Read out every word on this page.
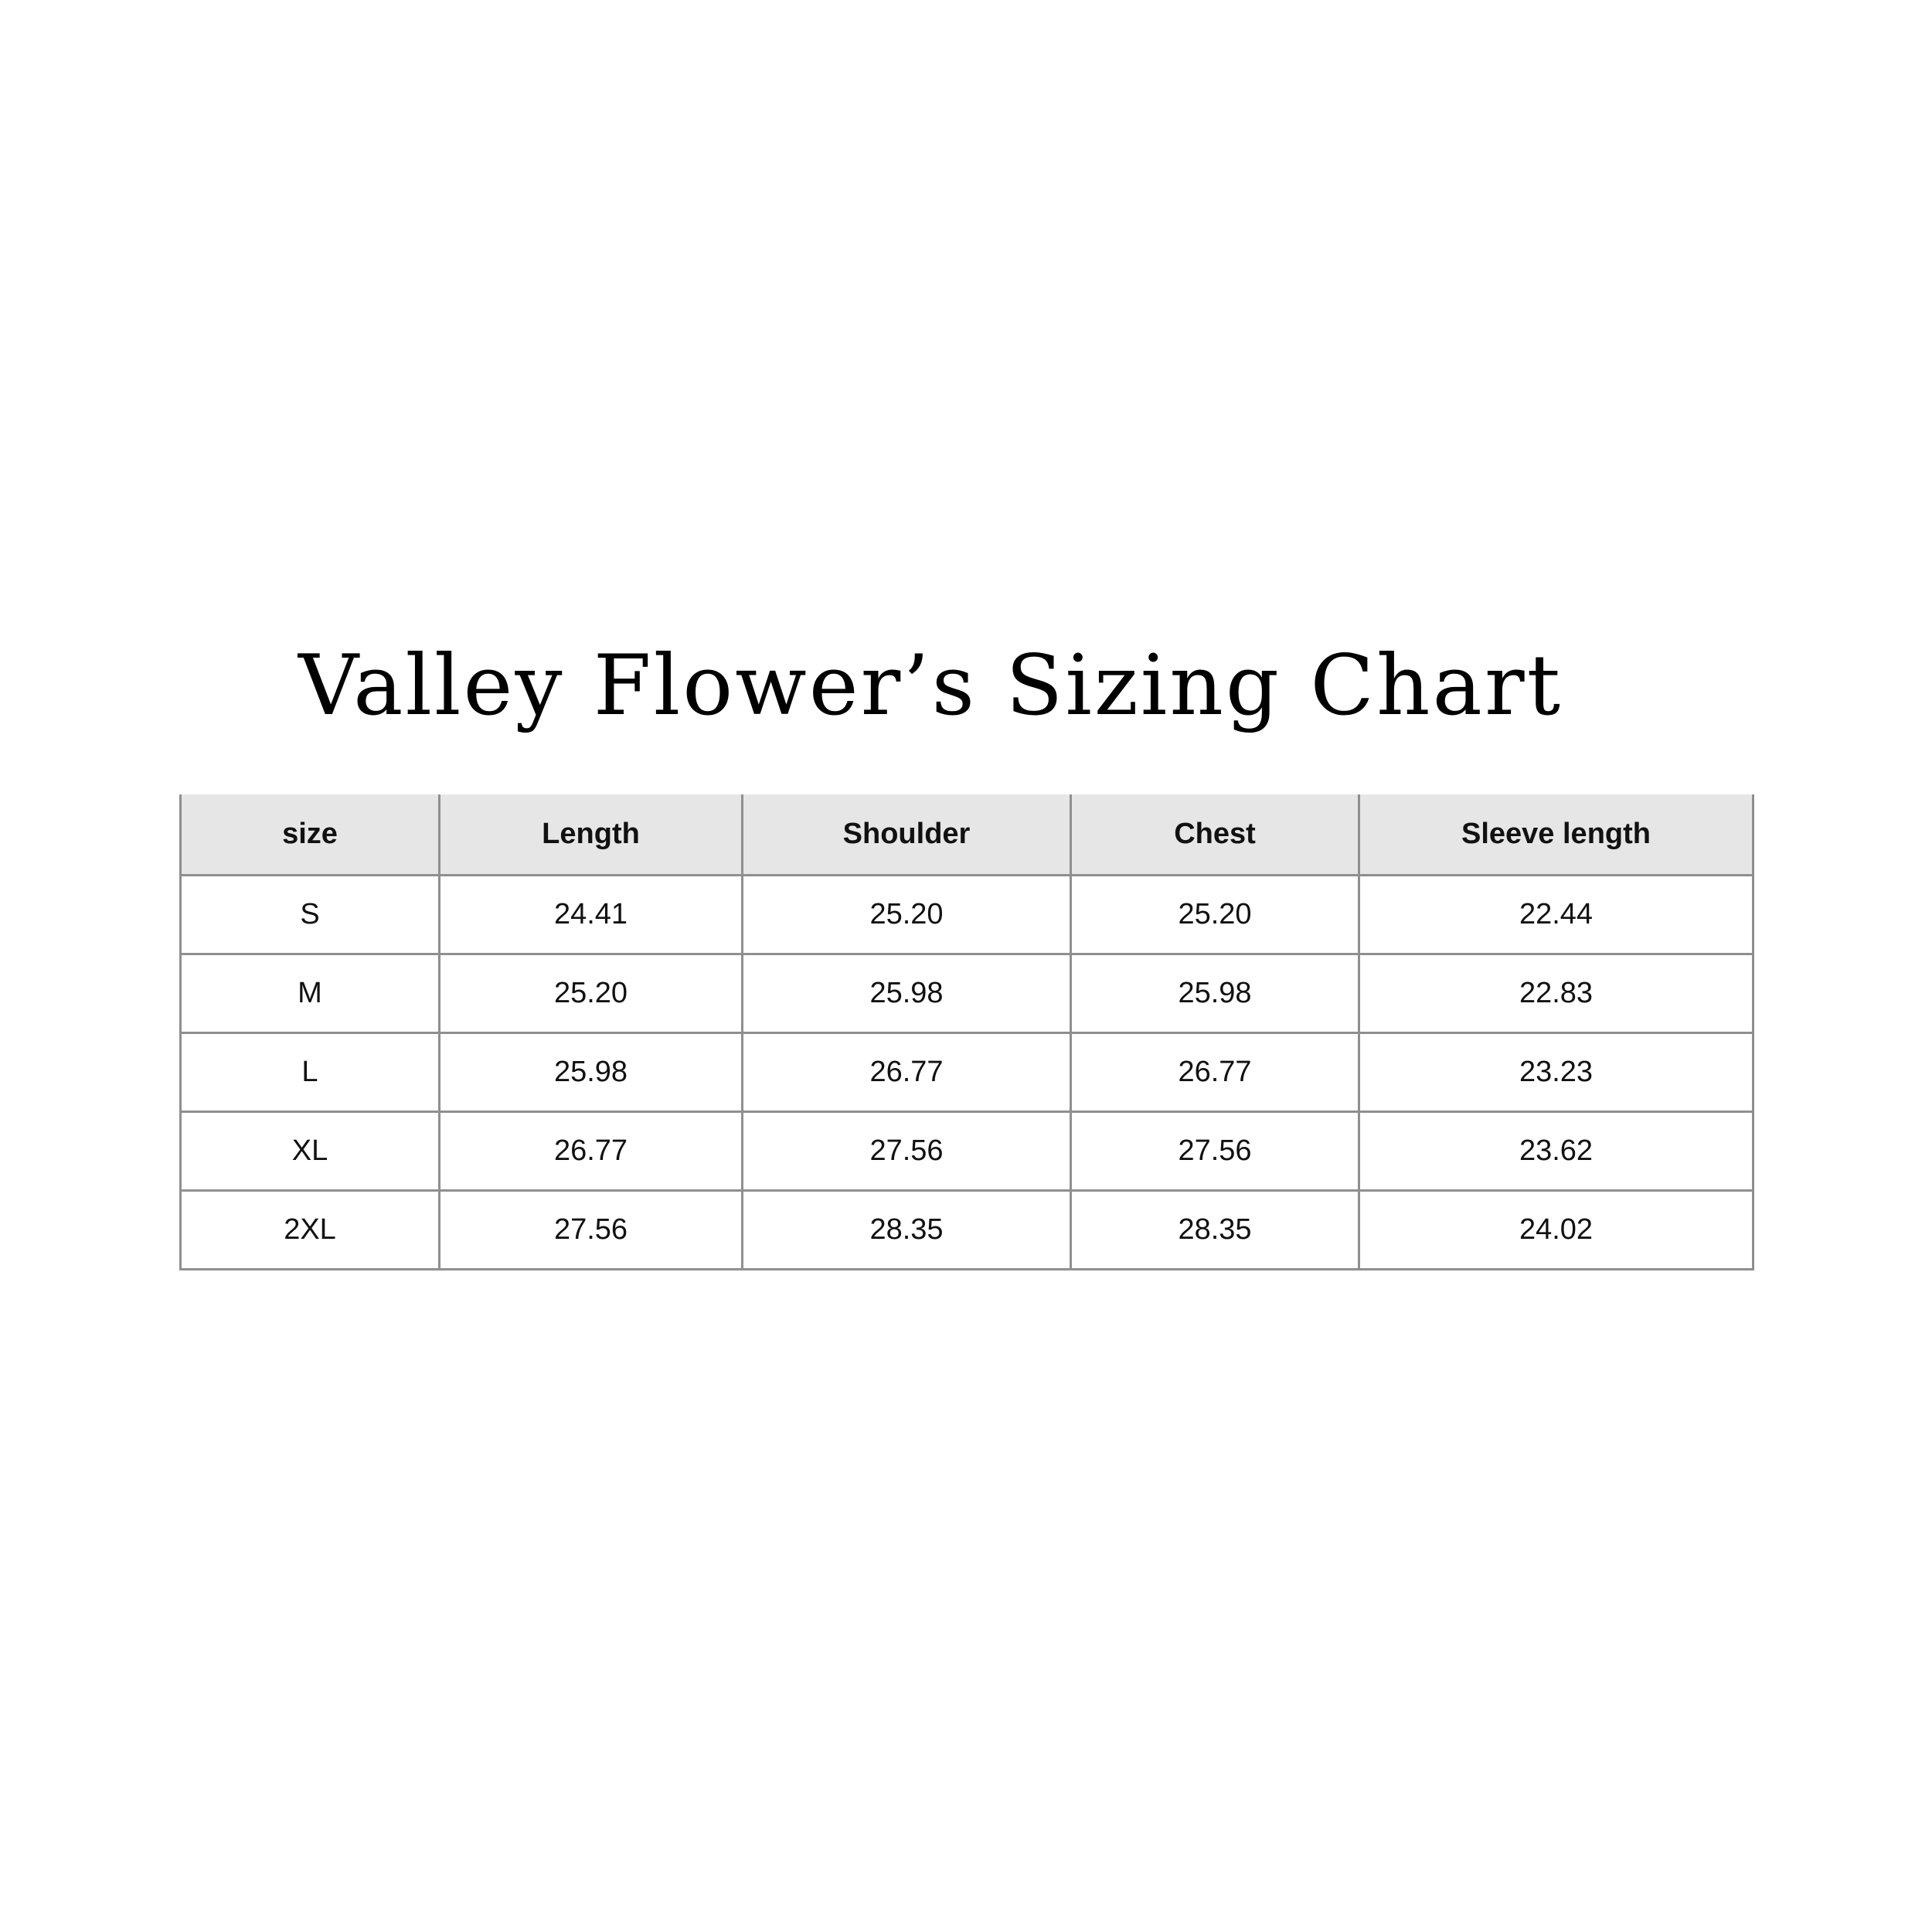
Valley Flower’s Sizing Chart
size	Length	Shoulder	Chest	Sleeve length
S	24.41	25.20	25.20	22.44
M	25.20	25.98	25.98	22.83
L	25.98	26.77	26.77	23.23
XL	26.77	27.56	27.56	23.62
2XL	27.56	28.35	28.35	24.02
